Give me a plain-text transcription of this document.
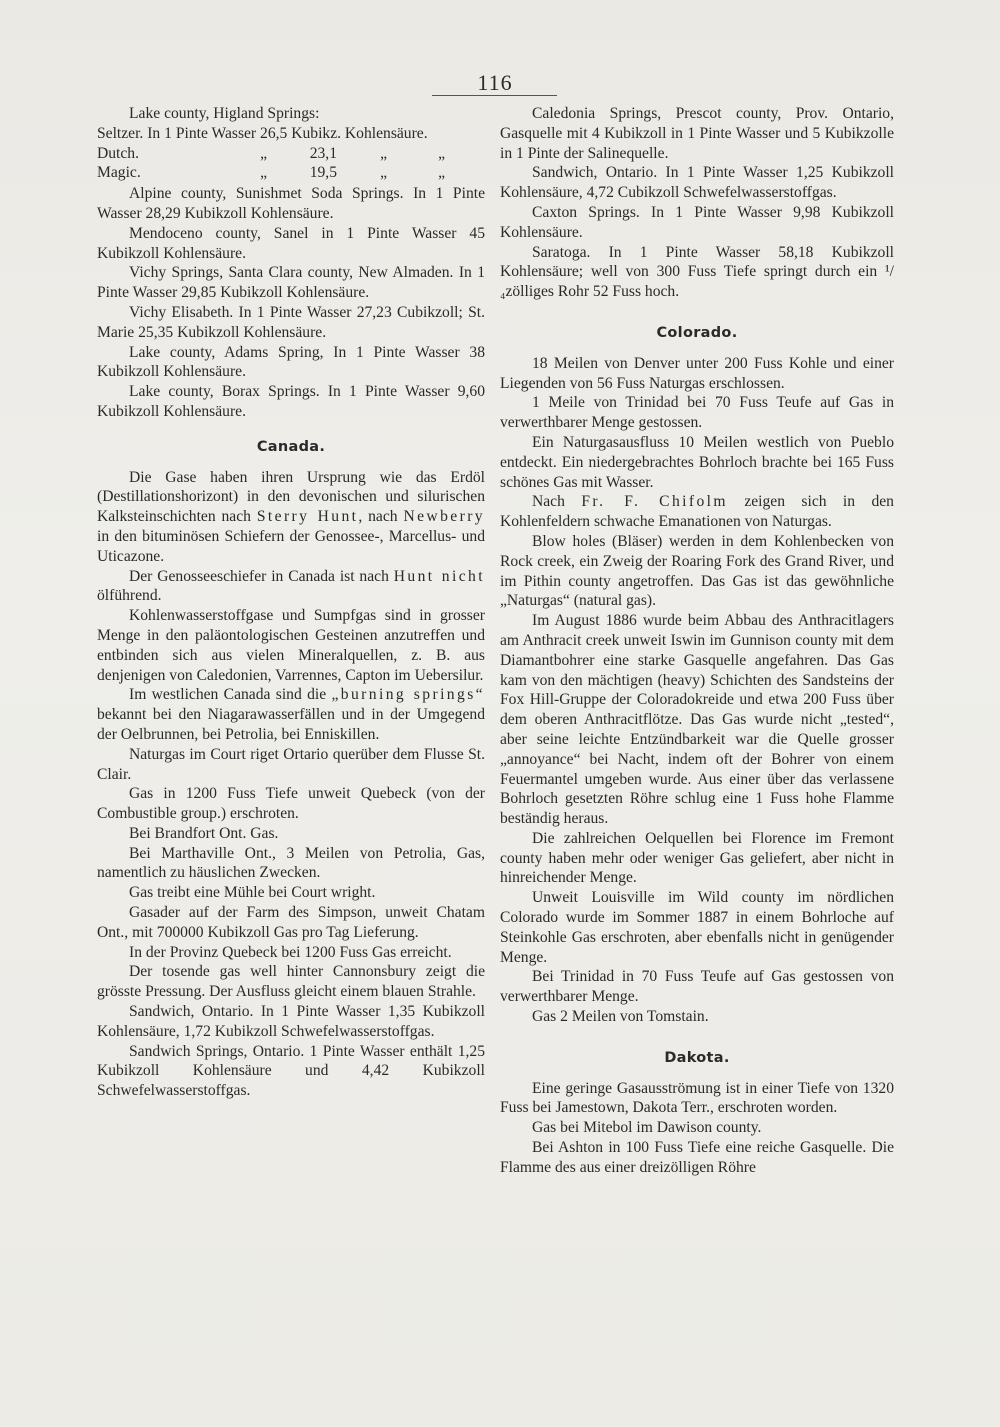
116

Lake county, Higland Springs:

Seltzer. In 1 Pinte Wasser 26,5 Kubikz. Kohlensäure.
Dutch.	„	23,1	„	„
Magic.	„	19,5	„	„

Alpine county, Sunishmet Soda Springs. In 1 Pinte Wasser 28,29 Kubikzoll Kohlensäure.

Mendoceno county, Sanel in 1 Pinte Wasser 45 Kubikzoll Kohlensäure.

Vichy Springs, Santa Clara county, New Almaden. In 1 Pinte Wasser 29,85 Kubikzoll Kohlensäure.

Vichy Elisabeth. In 1 Pinte Wasser 27,23 Cubikzoll; St. Marie 25,35 Kubikzoll Kohlensäure.

Lake county, Adams Spring, In 1 Pinte Wasser 38 Kubikzoll Kohlensäure.

Lake county, Borax Springs. In 1 Pinte Wasser 9,60 Kubikzoll Kohlensäure.

Canada.

Die Gase haben ihren Ursprung wie das Erdöl (Destillationshorizont) in den devonischen und silurischen Kalksteinschichten nach Sterry Hunt, nach Newberry in den bituminösen Schiefern der Genossee-, Marcellus- und Uticazone.

Der Genosseeschiefer in Canada ist nach Hunt nicht ölführend.

Kohlenwasserstoffgase und Sumpfgas sind in grosser Menge in den paläontologischen Gesteinen anzutreffen und entbinden sich aus vielen Mineralquellen, z. B. aus denjenigen von Caledonien, Varrennes, Capton im Uebersilur.

Im westlichen Canada sind die „burning springs“ bekannt bei den Niagarawasserfällen und in der Umgegend der Oelbrunnen, bei Petrolia, bei Enniskillen.

Naturgas im Court riget Ortario querüber dem Flusse St. Clair.

Gas in 1200 Fuss Tiefe unweit Quebeck (von der Combustible group.) erschroten.

Bei Brandfort Ont. Gas.

Bei Marthaville Ont., 3 Meilen von Petrolia, Gas, namentlich zu häuslichen Zwecken.

Gas treibt eine Mühle bei Court wright.

Gasader auf der Farm des Simpson, unweit Chatam Ont., mit 700000 Kubikzoll Gas pro Tag Lieferung.

In der Provinz Quebeck bei 1200 Fuss Gas erreicht.

Der tosende gas well hinter Cannonsbury zeigt die grösste Pressung. Der Ausfluss gleicht einem blauen Strahle.

Sandwich, Ontario. In 1 Pinte Wasser 1,35 Kubikzoll Kohlensäure, 1,72 Kubikzoll Schwefelwasserstoffgas.

Sandwich Springs, Ontario. 1 Pinte Wasser enthält 1,25 Kubikzoll Kohlensäure und 4,42 Kubikzoll Schwefelwasserstoffgas.

Caledonia Springs, Prescot county, Prov. Ontario, Gasquelle mit 4 Kubikzoll in 1 Pinte Wasser und 5 Kubikzolle in 1 Pinte der Salinequelle.

Sandwich, Ontario. In 1 Pinte Wasser 1,25 Kubikzoll Kohlensäure, 4,72 Cubikzoll Schwefelwasserstoffgas.

Caxton Springs. In 1 Pinte Wasser 9,98 Kubikzoll Kohlensäure.

Saratoga. In 1 Pinte Wasser 58,18 Kubikzoll Kohlensäure; well von 300 Fuss Tiefe springt durch ein ¹/₄zölliges Rohr 52 Fuss hoch.

Colorado.

18 Meilen von Denver unter 200 Fuss Kohle und einer Liegenden von 56 Fuss Naturgas erschlossen.

1 Meile von Trinidad bei 70 Fuss Teufe auf Gas in verwerthbarer Menge gestossen.

Ein Naturgasausfluss 10 Meilen westlich von Pueblo entdeckt. Ein niedergebrachtes Bohrloch brachte bei 165 Fuss schönes Gas mit Wasser.

Nach Fr. F. Chifolm zeigen sich in den Kohlenfeldern schwache Emanationen von Naturgas.

Blow holes (Bläser) werden in dem Kohlenbecken von Rock creek, ein Zweig der Roaring Fork des Grand River, und im Pithin county angetroffen. Das Gas ist das gewöhnliche „Naturgas“ (natural gas).

Im August 1886 wurde beim Abbau des Anthracitlagers am Anthracit creek unweit Iswin im Gunnison county mit dem Diamantbohrer eine starke Gasquelle angefahren. Das Gas kam von den mächtigen (heavy) Schichten des Sandsteins der Fox Hill-Gruppe der Coloradokreide und etwa 200 Fuss über dem oberen Anthracitflötze. Das Gas wurde nicht „tested“, aber seine leichte Entzündbarkeit war die Quelle grosser „annoyance“ bei Nacht, indem oft der Bohrer von einem Feuermantel umgeben wurde. Aus einer über das verlassene Bohrloch gesetzten Röhre schlug eine 1 Fuss hohe Flamme beständig heraus.

Die zahlreichen Oelquellen bei Florence im Fremont county haben mehr oder weniger Gas geliefert, aber nicht in hinreichender Menge.

Unweit Louisville im Wild county im nördlichen Colorado wurde im Sommer 1887 in einem Bohrloche auf Steinkohle Gas erschroten, aber ebenfalls nicht in genügender Menge.

Bei Trinidad in 70 Fuss Teufe auf Gas gestossen von verwerthbarer Menge.

Gas 2 Meilen von Tomstain.

Dakota.

Eine geringe Gasausströmung ist in einer Tiefe von 1320 Fuss bei Jamestown, Dakota Terr., erschroten worden.

Gas bei Mitebol im Dawison county.

Bei Ashton in 100 Fuss Tiefe eine reiche Gasquelle. Die Flamme des aus einer dreizölligen Röhre
